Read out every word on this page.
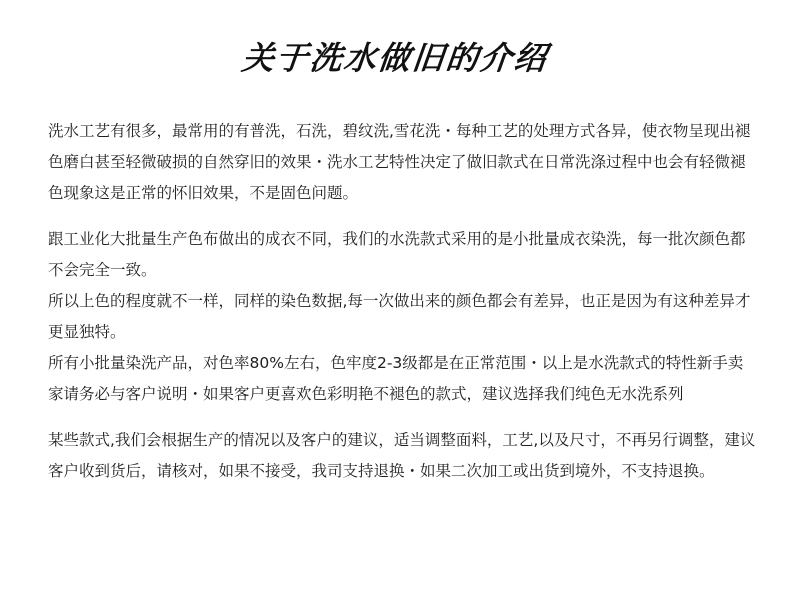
关于洗水做旧的介绍

洗水工艺有很多，最常用的有普洗，石洗，碧纹洗,雪花洗・每种工艺的处理方式各异，使衣物呈现出褪色磨白甚至轻微破损的自然穿旧的效果・洗水工艺特性决定了做旧款式在日常洗涤过程中也会有轻微褪色现象这是正常的怀旧效果，不是固色问题。

跟工业化大批量生产色布做出的成衣不同，我们的水洗款式采用的是小批量成衣染洗，每一批次颜色都不会完全一致。

所以上色的程度就不一样，同样的染色数据,每一次做出来的颜色都会有差异，也正是因为有这种差异才更显独特。

所有小批量染洗产品，对色率80%左右，色牢度2-3级都是在正常范围・以上是水洗款式的特性新手卖家请务必与客户说明・如果客户更喜欢色彩明艳不褪色的款式，建议选择我们纯色无水洗系列

某些款式,我们会根据生产的情况以及客户的建议，适当调整面料，工艺,以及尺寸，不再另行调整，建议客户收到货后，请核对，如果不接受，我司支持退换・如果二次加工或出货到境外，不支持退换。
